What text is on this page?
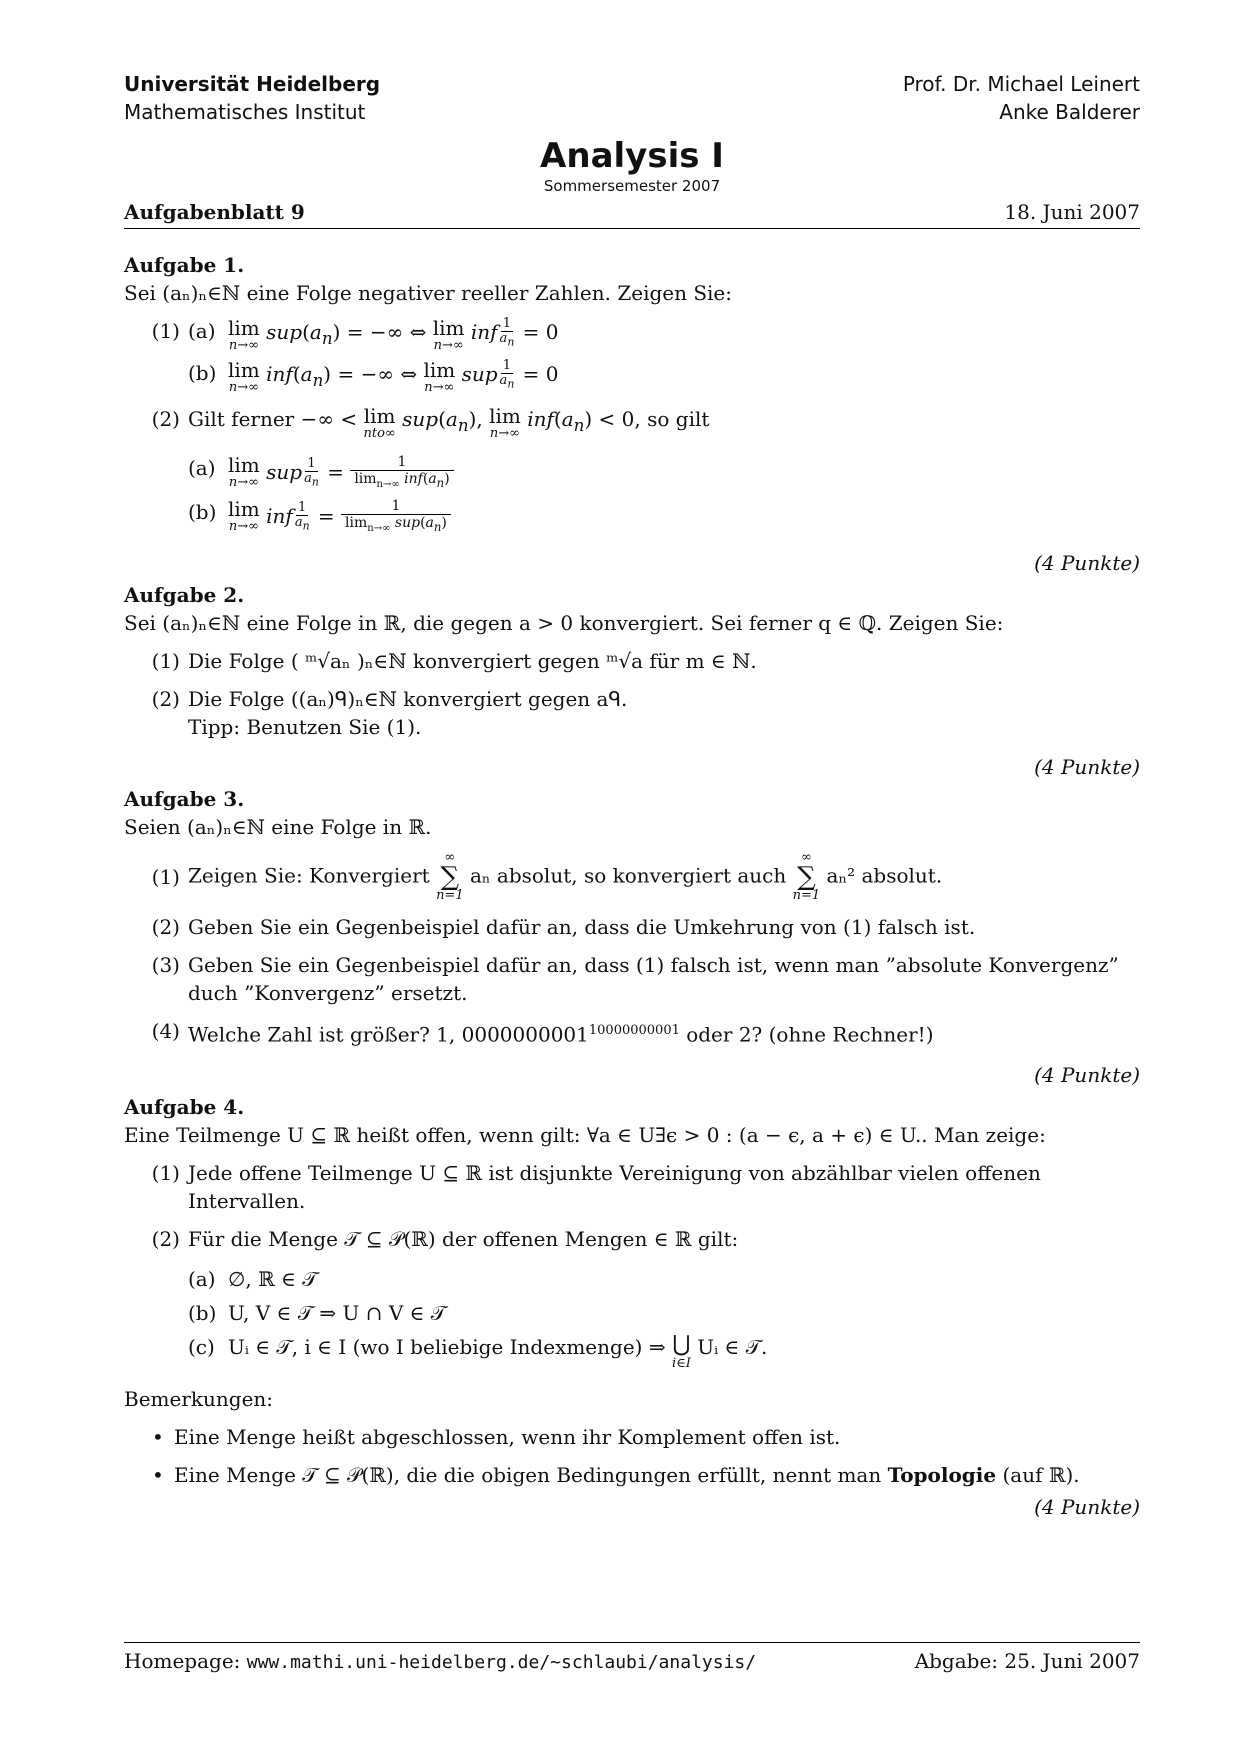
Universität Heidelberg
Mathematisches Institut
Prof. Dr. Michael Leinert
Anke Balderer
Analysis I
Sommersemester 2007
Aufgabenblatt 9	18. Juni 2007
Aufgabe 1.
Sei (aₙ)ₙ∈ℕ eine Folge negativer reeller Zahlen. Zeigen Sie:
(1) (a) lim
n→∞
$sup(a_n)$ = −∞ ⇔ lim
n→∞
inf $\frac{1}{a_n} = 0$
(b) lim
n→∞
$inf(a_n)$ = −∞ ⇔ lim
n→∞
sup $\frac{1}{a_n} = 0$
(2) Gilt ferner −∞ < lim
nto∞
$sup(a_n)$, lim
n→∞
$inf(a_n) < 0$, so gilt
(a) lim
n→∞ sup $\frac{1}{a_n}$ =	1
$\lim_{n\to\infty} inf(a_n)$
(b) lim
n→∞ inf $\frac{1}{a_n}$ =	1
$\lim_{n\to\infty} sup(a_n)$
(4 Punkte)
Aufgabe 2.
Sei (aₙ)ₙ∈ℕ eine Folge in ℝ, die gegen a > 0 konvergiert. Sei ferner q ∈ ℚ. Zeigen Sie:
(1) Die Folge ( ᵐ√aₙ )ₙ∈ℕ konvergiert gegen ᵐ√a für m ∈ ℕ.
(2) Die Folge ((aₙ)ᑫ)ₙ∈ℕ konvergiert gegen aᑫ.
Tipp: Benutzen Sie (1).
(4 Punkte)
Aufgabe 3.
Seien (aₙ)ₙ∈ℕ eine Folge in ℝ.
(1) Zeigen Sie: Konvergiert
∞
∑
n=1
aₙ absolut, so konvergiert auch
∞
∑
n=1
aₙ² absolut.
(2) Geben Sie ein Gegenbeispiel dafür an, dass die Umkehrung von (1) falsch ist.
(3) Geben Sie ein Gegenbeispiel dafür an, dass (1) falsch ist, wenn man ”absolute Konvergenz” duch ”Konvergenz” ersetzt.
(4) Welche Zahl ist größer? 1, $0000000001^{10000000001}$ oder 2? (ohne Rechner!)
(4 Punkte)
Aufgabe 4.
Eine Teilmenge U ⊆ ℝ heißt offen, wenn gilt: ∀a ∈ U∃ϵ > 0 : (a − ϵ, a + ϵ) ∈ U.. Man zeige:
(1) Jede offene Teilmenge U ⊆ ℝ ist disjunkte Vereinigung von abzählbar vielen offenen Intervallen.
(2) Für die Menge 𝒯 ⊆ 𝒫(ℝ) der offenen Mengen ∈ ℝ gilt:
(a) ∅, ℝ ∈ 𝒯
(b) U, V ∈ 𝒯 ⇒ U ∩ V ∈ 𝒯
(c) Uᵢ ∈ 𝒯, i ∈ I (wo I beliebige Indexmenge) ⇒ ⋃
i∈I
Uᵢ ∈ 𝒯.
Bemerkungen:
• Eine Menge heißt abgeschlossen, wenn ihr Komplement offen ist.
• Eine Menge 𝒯 ⊆ 𝒫(ℝ), die die obigen Bedingungen erfüllt, nennt man Topologie (auf ℝ).
(4 Punkte)
Homepage: www.mathi.uni-heidelberg.de/~schlaubi/analysis/	Abgabe: 25. Juni 2007
